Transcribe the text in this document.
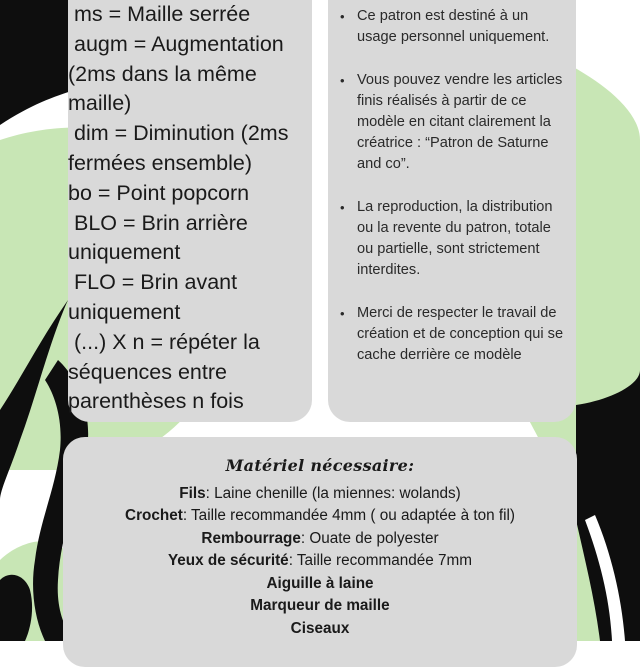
ms = Maille serrée
augm = Augmentation (2ms dans la même maille)
dim = Diminution (2ms fermées ensemble)
bo = Point popcorn
BLO = Brin arrière uniquement
FLO = Brin avant uniquement
(...) X n = répéter la séquences entre parenthèses n fois
• Ce patron est destiné à un usage personnel uniquement.
• Vous pouvez vendre les articles finis réalisés à partir de ce modèle en citant clairement la créatrice : “Patron de Saturne and co”.
• La reproduction, la distribution ou la revente du patron, totale ou partielle, sont strictement interdites.
• Merci de respecter le travail de création et de conception qui se cache derrière ce modèle
Matériel nécessaire:
Fils: Laine chenille (la miennes: wolands)
Crochet: Taille recommandée 4mm ( ou adaptée à ton fil)
Rembourrage: Ouate de polyester
Yeux de sécurité: Taille recommandée 7mm
Aiguille à laine
Marqueur de maille
Ciseaux
